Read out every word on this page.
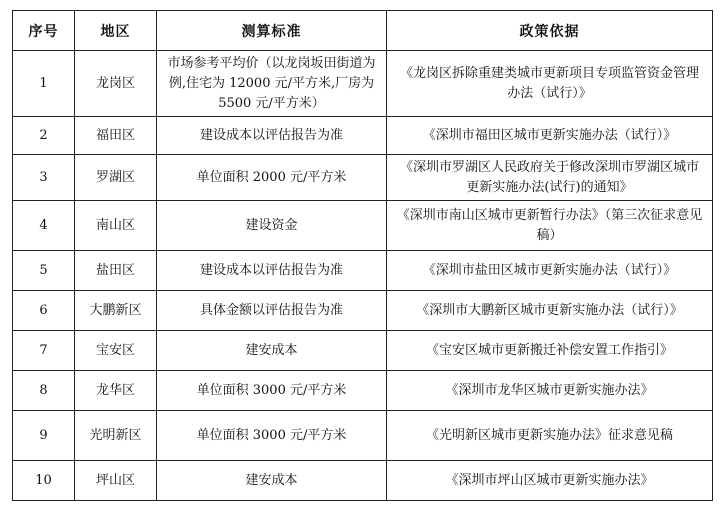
序号	地区	测算标准	政策依据
1	龙岗区	市场参考平均价（以龙岗坂田街道为例,住宅为 12000 元/平方米,厂房为 5500 元/平方米）	《龙岗区拆除重建类城市更新项目专项监管资金管理办法（试行）》
2	福田区	建设成本以评估报告为准	《深圳市福田区城市更新实施办法（试行）》
3	罗湖区	单位面积 2000 元/平方米	《深圳市罗湖区人民政府关于修改深圳市罗湖区城市更新实施办法(试行)的通知》
4	南山区	建设资金	《深圳市南山区城市更新暂行办法》（第三次征求意见稿）
5	盐田区	建设成本以评估报告为准	《深圳市盐田区城市更新实施办法（试行）》
6	大鹏新区	具体金额以评估报告为准	《深圳市大鹏新区城市更新实施办法（试行）》
7	宝安区	建安成本	《宝安区城市更新搬迁补偿安置工作指引》
8	龙华区	单位面积 3000 元/平方米	《深圳市龙华区城市更新实施办法》
9	光明新区	单位面积 3000 元/平方米	《光明新区城市更新实施办法》征求意见稿
10	坪山区	建安成本	《深圳市坪山区城市更新实施办法》
